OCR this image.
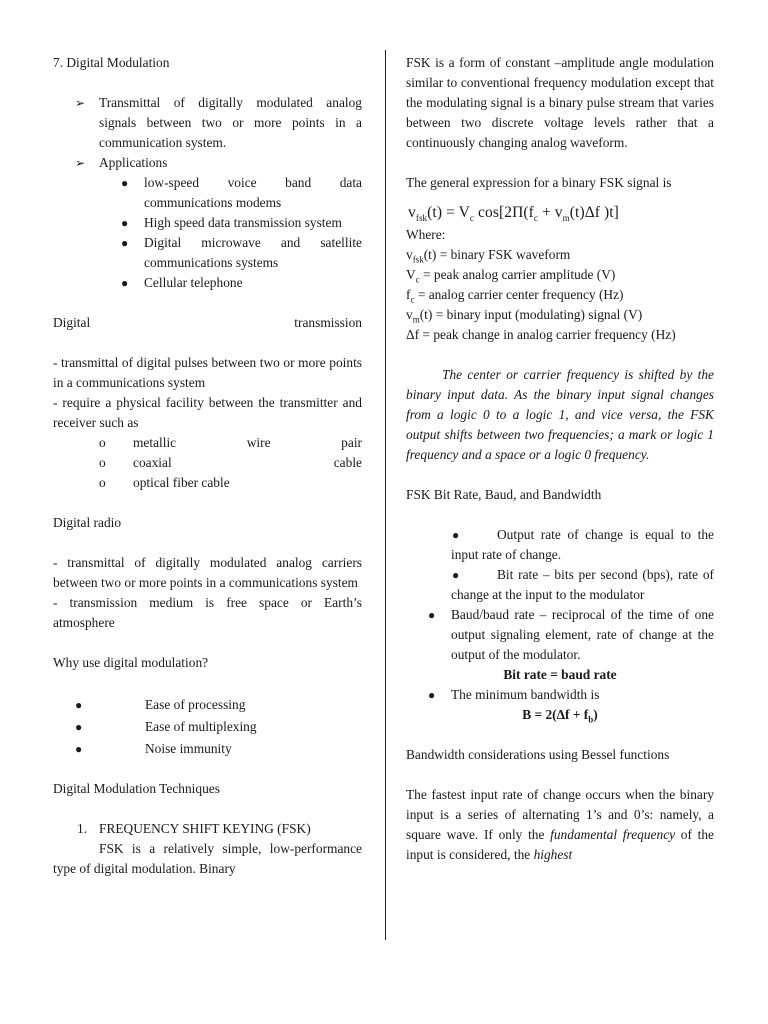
7. Digital Modulation

➢ Transmittal of digitally modulated analog signals between two or more points in a communication system.

➢ Applications

● low-speed voice band data communications modems

● High speed data transmission system

● Digital microwave and satellite communications systems

● Cellular telephone

Digital	transmission

- transmittal of digital pulses between two or more points in a communications system

- require a physical facility between the transmitter and receiver such as

o metallic wire pair

o coaxial cable

o optical fiber cable

Digital radio

- transmittal of digitally modulated analog carriers between two or more points in a communications system

- transmission medium is free space or Earth’s atmosphere

Why use digital modulation?

●	Ease of processing

●	Ease of multiplexing

●	Noise immunity

Digital Modulation Techniques

1. FREQUENCY SHIFT KEYING (FSK)

FSK is a relatively simple, low-performance type of digital modulation. Binary

FSK is a form of constant –amplitude angle modulation similar to conventional frequency modulation except that the modulating signal is a binary pulse stream that varies between two discrete voltage levels rather that a continuously changing analog waveform.

The general expression for a binary FSK signal is

$v_{fsk}(t) = V_c$ $\cos[2\Pi(f_c + v_m(t)\Delta f$ )t]

Where:

$v_{fsk}(t)$ = binary FSK waveform

$V_c$ = peak analog carrier amplitude (V)

$f_c = analog$ carrier center frequency (Hz)

$v_m(t)$ = binary input (modulating) signal (V)

Δf = peak change in analog carrier frequency (Hz)

The center or carrier frequency is shifted by the binary input data. As the binary input signal changes from a logic 0 to a logic 1, and vice versa, the FSK output shifts between two frequencies; a mark or logic 1 frequency and a space or a logic 0 frequency.

FSK Bit Rate, Baud, and Bandwidth

●	Output rate of change is equal to the input rate of change.

●	Bit rate – bits per second (bps), rate of change at the input to the modulator

● Baud/baud rate – reciprocal of the time of one output signaling element, rate of change at the output of the modulator.

Bit rate = baud rate

● The minimum bandwidth is

$B = 2(\Delta f + f_b)$

Bandwidth considerations using Bessel functions

The fastest input rate of change occurs when the binary input is a series of alternating 1’s and 0’s: namely, a square wave. If only the fundamental frequency of the input is considered, the highest
